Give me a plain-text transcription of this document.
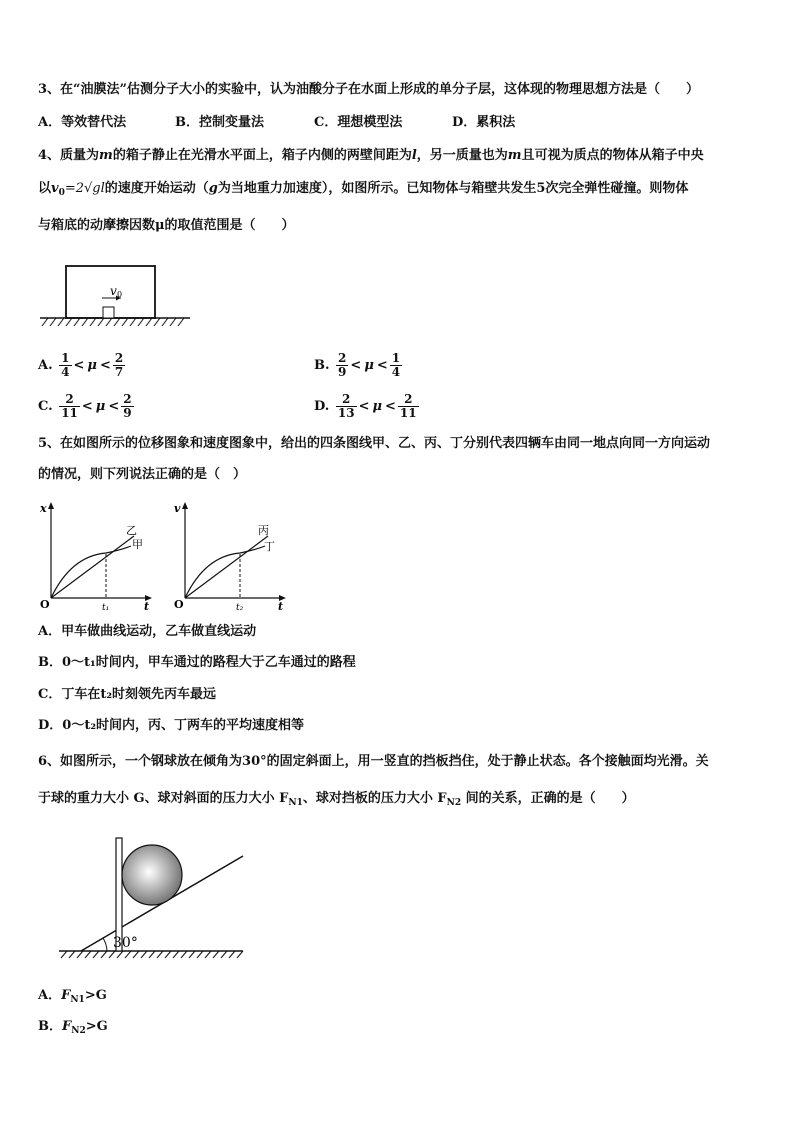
3、在“油膜法”估测分子大小的实验中，认为油酸分子在水面上形成的单分子层，这体现的物理思想方法是（　　）
A．等效替代法	B．控制变量法	C．理想模型法	D．累积法
4、质量为m的箱子静止在光滑水平面上，箱子内侧的两壁间距为l，另一质量也为m且可视为质点的物体从箱子中央
以$v_0=2√gl$的速度开始运动（g为当地重力加速度），如图所示。已知物体与箱壁共发生5次完全弹性碰撞。则物体
与箱底的动摩擦因数μ的取值范围是（　　）
v 0
A. $\frac{1}{4} < \mu < \frac{2}{7}$	B. $\frac{2}{9} < \mu < \frac{1}{4}$
C. $\frac{2}{11} < \mu < \frac{2}{9}$	D. $\frac{2}{13} < \mu < \frac{2}{11}$
5、在如图所示的位移图象和速度图象中，给出的四条图线甲、乙、丙、丁分别代表四辆车由同一地点向同一方向运动
的情况，则下列说法正确的是（　）
x
t
O	t₁
乙
甲
v
t
O	t₂
丙
丁
A．甲车做曲线运动，乙车做直线运动
B．0～t₁时间内，甲车通过的路程大于乙车通过的路程
C．丁车在t₂时刻领先丙车最远
D．0～t₂时间内，丙、丁两车的平均速度相等
6、如图所示，一个钢球放在倾角为30°的固定斜面上，用一竖直的挡板挡住，处于静止状态。各个接触面均光滑。关
于球的重力大小 G、球对斜面的压力大小 $F_{N1}$、球对挡板的压力大小 $F_{N2}$ 间的关系，正确的是（　　）
30°
A．$F_{N1}>G$
B．$F_{N2}>G$
